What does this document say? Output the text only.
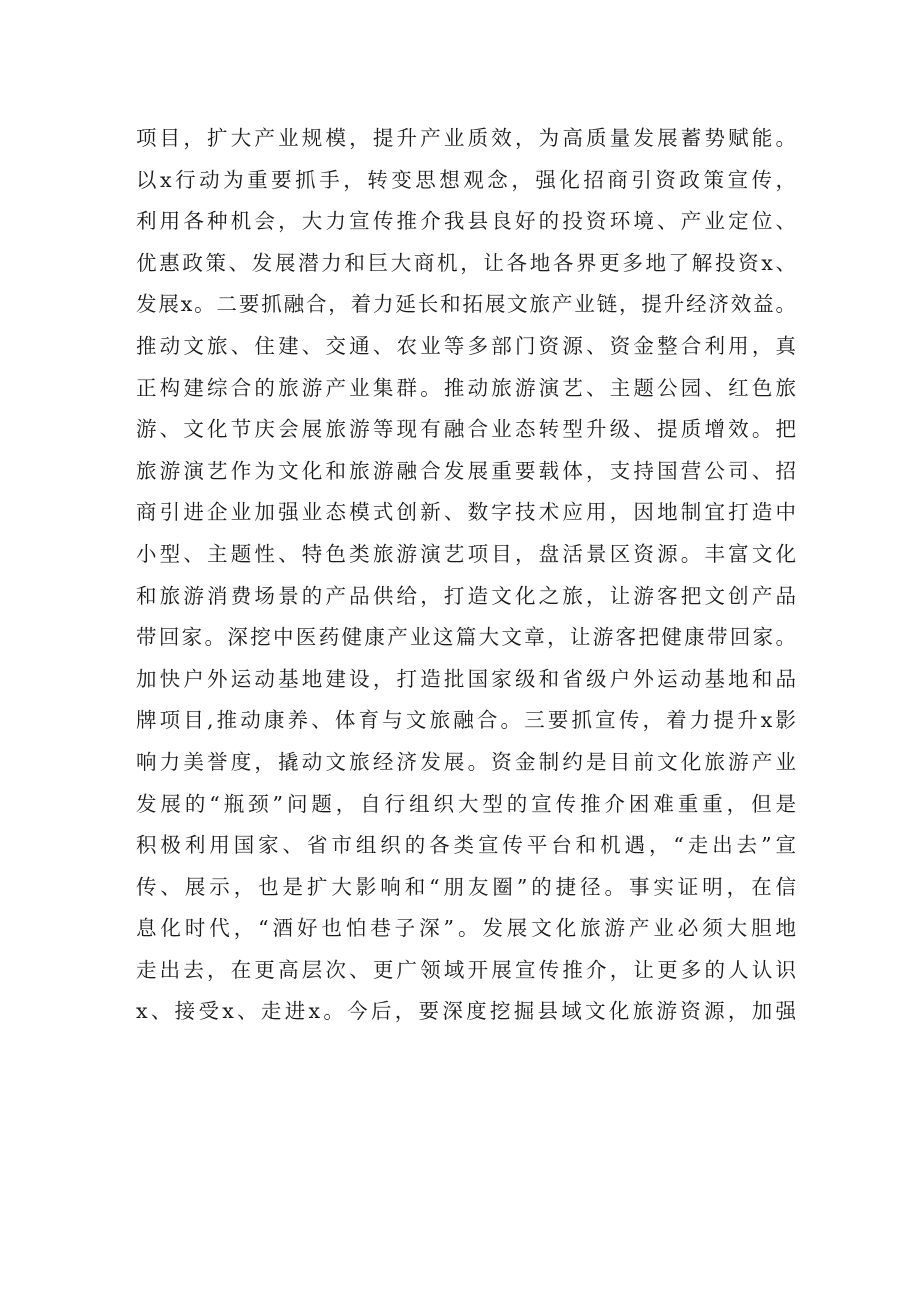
项目，扩大产业规模，提升产业质效，为高质量发展蓄势赋能。
以x行动为重要抓手，转变思想观念，强化招商引资政策宣传，
利用各种机会，大力宣传推介我县良好的投资环境、产业定位、
优惠政策、发展潜力和巨大商机，让各地各界更多地了解投资x、
发展x。二要抓融合，着力延长和拓展文旅产业链，提升经济效益。
推动文旅、住建、交通、农业等多部门资源、资金整合利用，真
正构建综合的旅游产业集群。推动旅游演艺、主题公园、红色旅
游、文化节庆会展旅游等现有融合业态转型升级、提质增效。把
旅游演艺作为文化和旅游融合发展重要载体，支持国营公司、招
商引进企业加强业态模式创新、数字技术应用，因地制宜打造中
小型、主题性、特色类旅游演艺项目，盘活景区资源。丰富文化
和旅游消费场景的产品供给，打造文化之旅，让游客把文创产品
带回家。深挖中医药健康产业这篇大文章，让游客把健康带回家。
加快户外运动基地建设，打造批国家级和省级户外运动基地和品
牌项目,推动康养、体育与文旅融合。三要抓宣传，着力提升x影
响力美誉度，撬动文旅经济发展。资金制约是目前文化旅游产业
发展的“瓶颈”问题，自行组织大型的宣传推介困难重重，但是
积极利用国家、省市组织的各类宣传平台和机遇，“走出去”宣
传、展示，也是扩大影响和“朋友圈”的捷径。事实证明，在信
息化时代，“酒好也怕巷子深”。发展文化旅游产业必须大胆地
走出去，在更高层次、更广领域开展宣传推介，让更多的人认识
x、接受x、走进x。今后，要深度挖掘县域文化旅游资源，加强
